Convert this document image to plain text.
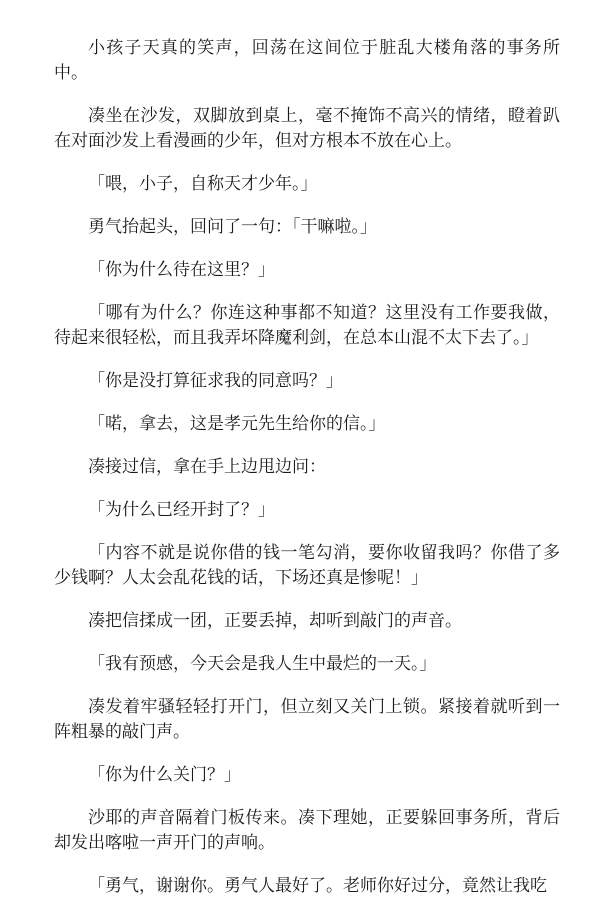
小孩子天真的笑声，回荡在这间位于脏乱大楼角落的事务所中。

凑坐在沙发，双脚放到桌上，毫不掩饰不高兴的情绪，瞪着趴在对面沙发上看漫画的少年，但对方根本不放在心上。

「喂，小子，自称天才少年。」

勇气抬起头，回问了一句：「干嘛啦。」

「你为什么待在这里？」

「哪有为什么？你连这种事都不知道？这里没有工作要我做，待起来很轻松，而且我弄坏降魔利剑，在总本山混不太下去了。」

「你是没打算征求我的同意吗？」

「喏，拿去，这是孝元先生给你的信。」

凑接过信，拿在手上边甩边问：

「为什么已经开封了？」

「内容不就是说你借的钱一笔勾消，要你收留我吗？你借了多少钱啊？人太会乱花钱的话，下场还真是惨呢！」

凑把信揉成一团，正要丢掉，却听到敲门的声音。

「我有预感，今天会是我人生中最烂的一天。」

凑发着牢骚轻轻打开门，但立刻又关门上锁。紧接着就听到一阵粗暴的敲门声。

「你为什么关门？」

沙耶的声音隔着门板传来。凑下理她，正要躲回事务所，背后却发出喀啦一声开门的声响。

「勇气，谢谢你。勇气人最好了。老师你好过分，竟然让我吃
